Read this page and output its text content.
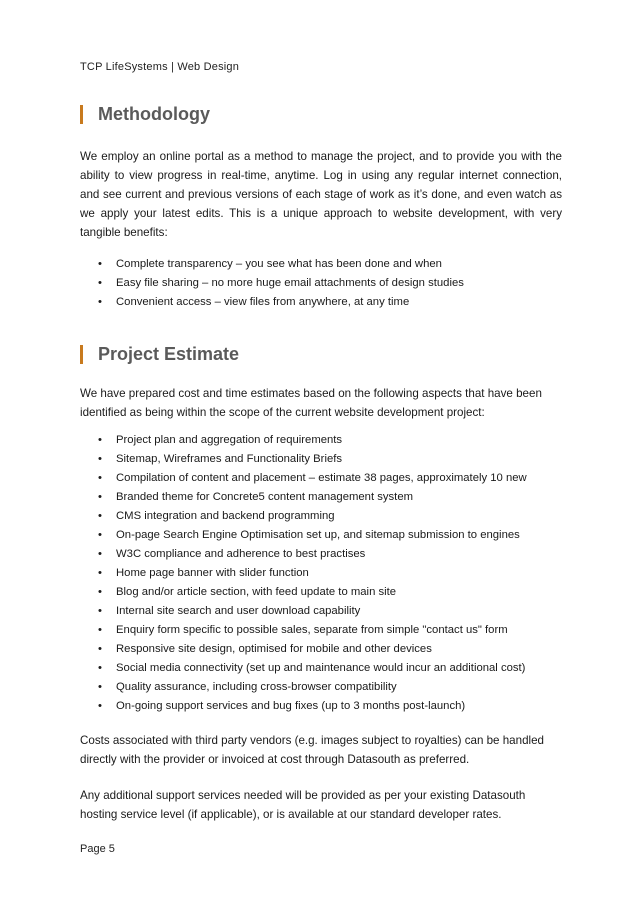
TCP LifeSystems | Web Design
Methodology

We employ an online portal as a method to manage the project, and to provide you with the ability to view progress in real-time, anytime. Log in using any regular internet connection, and see current and previous versions of each stage of work as it’s done, and even watch as we apply your latest edits. This is a unique approach to website development, with very tangible benefits:

• Complete transparency – you see what has been done and when
• Easy file sharing – no more huge email attachments of design studies
• Convenient access – view files from anywhere, at any time
Project Estimate

We have prepared cost and time estimates based on the following aspects that have been identified as being within the scope of the current website development project:

• Project plan and aggregation of requirements
• Sitemap, Wireframes and Functionality Briefs
• Compilation of content and placement – estimate 38 pages, approximately 10 new
• Branded theme for Concrete5 content management system
• CMS integration and backend programming
• On-page Search Engine Optimisation set up, and sitemap submission to engines
• W3C compliance and adherence to best practises
• Home page banner with slider function
• Blog and/or article section, with feed update to main site
• Internal site search and user download capability
• Enquiry form specific to possible sales, separate from simple "contact us" form
• Responsive site design, optimised for mobile and other devices
• Social media connectivity (set up and maintenance would incur an additional cost)
• Quality assurance, including cross-browser compatibility
• On-going support services and bug fixes (up to 3 months post-launch)

Costs associated with third party vendors (e.g. images subject to royalties) can be handled directly with the provider or invoiced at cost through Datasouth as preferred.

Any additional support services needed will be provided as per your existing Datasouth hosting service level (if applicable), or is available at our standard developer rates.

Page 5
